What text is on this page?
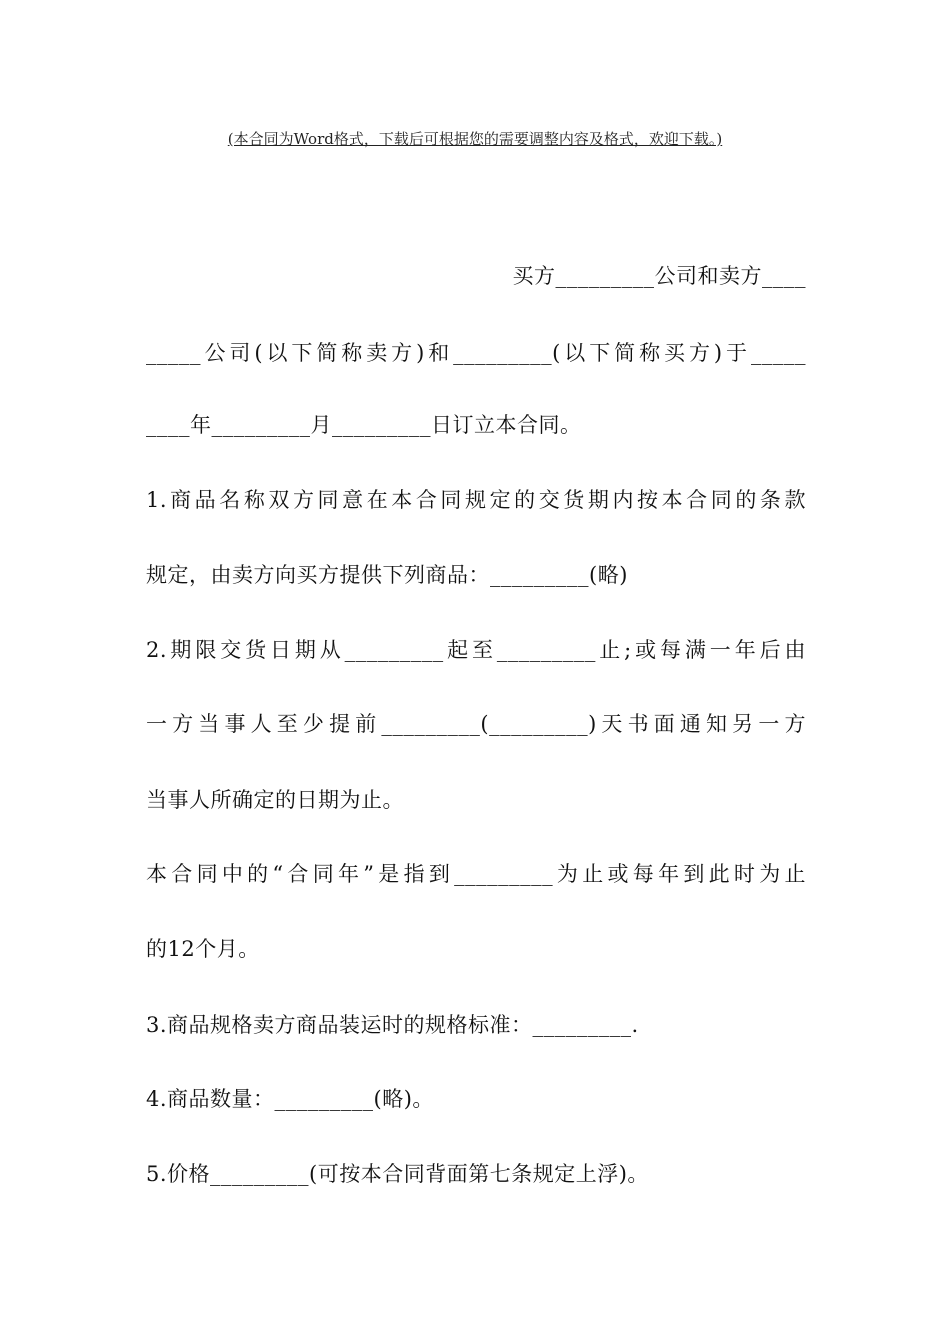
(本合同为Word格式，下载后可根据您的需要调整内容及格式，欢迎下载。)
买方_________公司和卖方____
_____公司(以下简称卖方)和_________(以下简称买方)于_____
____年_________月_________日订立本合同。
1.商品名称双方同意在本合同规定的交货期内按本合同的条款
规定，由卖方向买方提供下列商品：_________(略)
2.期限交货日期从_________起至_________止;或每满一年后由
一方当事人至少提前_________(_________)天书面通知另一方
当事人所确定的日期为止。
本合同中的“合同年”是指到_________为止或每年到此时为止
的12个月。
3.商品规格卖方商品装运时的规格标准：_________.
4.商品数量：_________(略)。
5.价格_________(可按本合同背面第七条规定上浮)。
